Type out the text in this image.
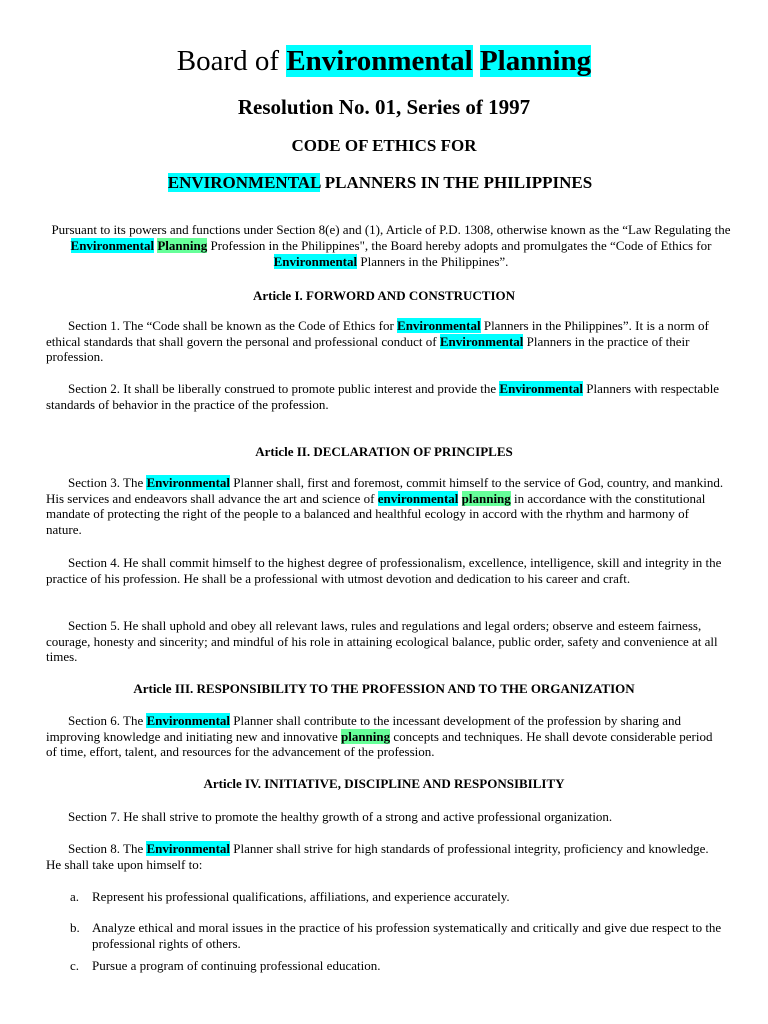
Board of Environmental Planning
Resolution No. 01, Series of 1997
CODE OF ETHICS FOR
ENVIRONMENTAL PLANNERS IN THE PHILIPPINES
Pursuant to its powers and functions under Section 8(e) and (1), Article of P.D. 1308, otherwise known as the “Law Regulating the Environmental Planning Profession in the Philippines", the Board hereby adopts and promulgates the “Code of Ethics for Environmental Planners in the Philippines”.
Article I. FORWORD AND CONSTRUCTION
Section 1. The “Code shall be known as the Code of Ethics for Environmental Planners in the Philippines”. It is a norm of ethical standards that shall govern the personal and professional conduct of Environmental Planners in the practice of their profession.
Section 2. It shall be liberally construed to promote public interest and provide the Environmental Planners with respectable standards of behavior in the practice of the profession.
Article II. DECLARATION OF PRINCIPLES
Section 3. The Environmental Planner shall, first and foremost, commit himself to the service of God, country, and mankind. His services and endeavors shall advance the art and science of environmental planning in accordance with the constitutional mandate of protecting the right of the people to a balanced and healthful ecology in accord with the rhythm and harmony of nature.
Section 4. He shall commit himself to the highest degree of professionalism, excellence, intelligence, skill and integrity in the practice of his profession. He shall be a professional with utmost devotion and dedication to his career and craft.
Section 5. He shall uphold and obey all relevant laws, rules and regulations and legal orders; observe and esteem fairness, courage, honesty and sincerity; and mindful of his role in attaining ecological balance, public order, safety and convenience at all times.
Article III. RESPONSIBILITY TO THE PROFESSION AND TO THE ORGANIZATION
Section 6. The Environmental Planner shall contribute to the incessant development of the profession by sharing and improving knowledge and initiating new and innovative planning concepts and techniques. He shall devote considerable period of time, effort, talent, and resources for the advancement of the profession.
Article IV. INITIATIVE, DISCIPLINE AND RESPONSIBILITY
Section 7. He shall strive to promote the healthy growth of a strong and active professional organization.
Section 8. The Environmental Planner shall strive for high standards of professional integrity, proficiency and knowledge. He shall take upon himself to:
a. Represent his professional qualifications, affiliations, and experience accurately.
b. Analyze ethical and moral issues in the practice of his profession systematically and critically and give due respect to the professional rights of others.
c. Pursue a program of continuing professional education.
